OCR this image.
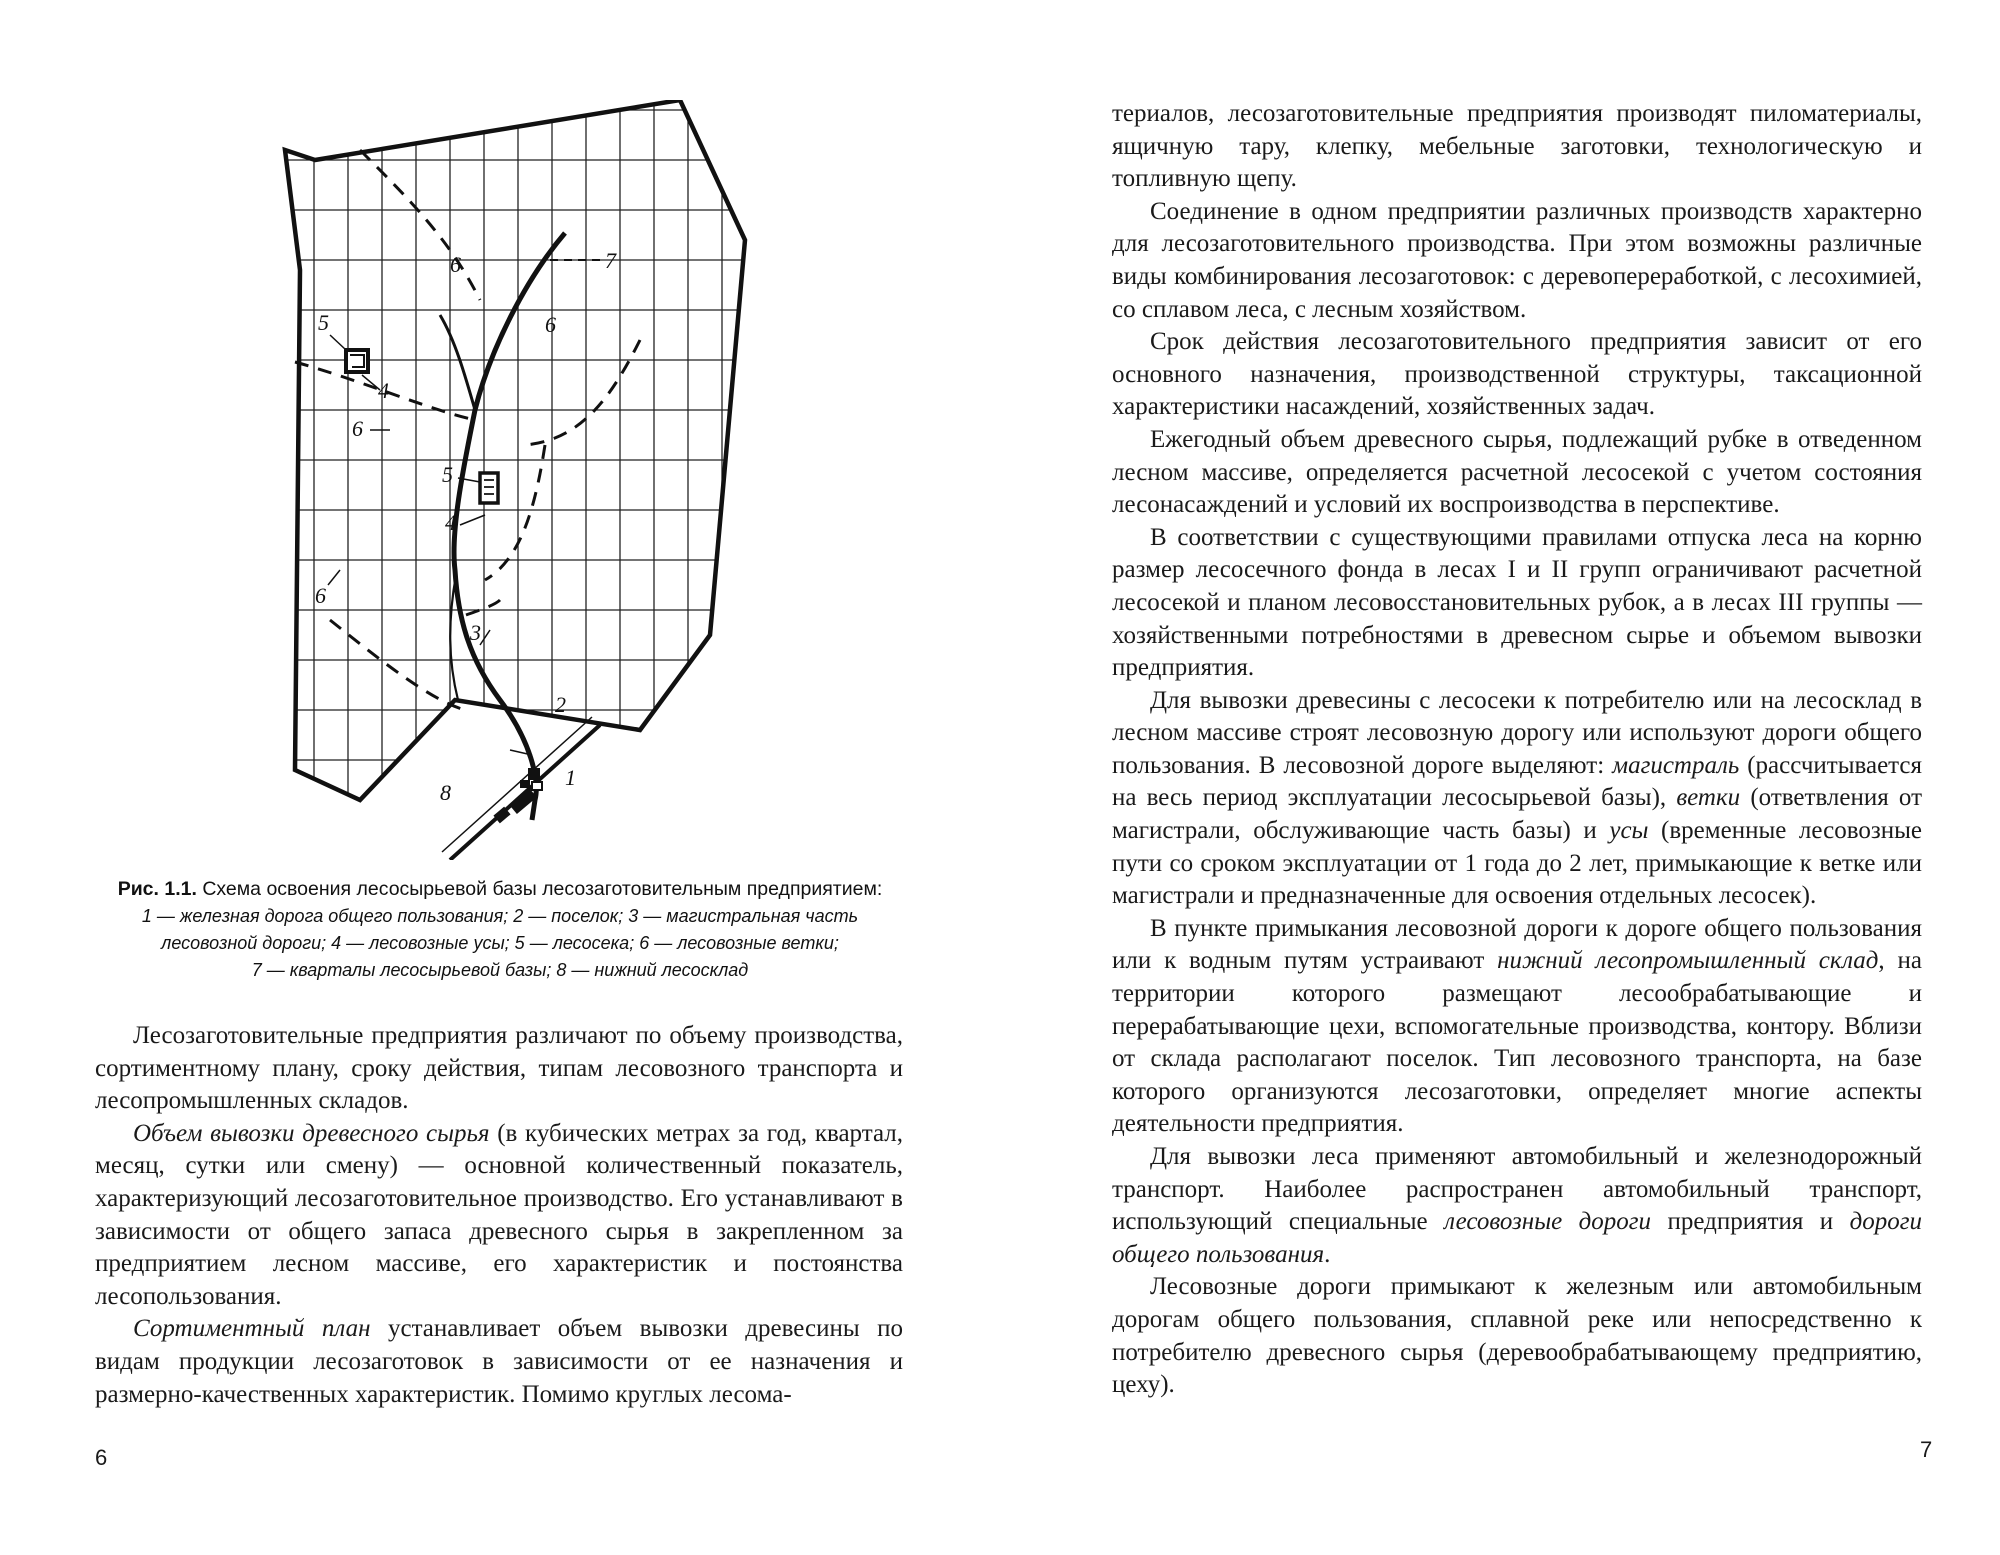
7
6
6
5
4
6
5
4
6
3
2
1
8
Рис. 1.1. Схема освоения лесосырьевой базы лесозаготовительным предприятием:
1 — железная дорога общего пользования; 2 — поселок; 3 — магистральная часть
лесовозной дороги; 4 — лесовозные усы; 5 — лесосека; 6 — лесовозные ветки;
7 — кварталы лесосырьевой базы; 8 — нижний лесосклад

Лесозаготовительные предприятия различают по объему производства, сортиментному плану, сроку действия, типам лесовозного транспорта и лесопромышленных складов.

Объем вывозки древесного сырья (в кубических метрах за год, квартал, месяц, сутки или смену) — основной количественный показатель, характеризующий лесозаготовительное производство. Его устанавливают в зависимости от общего запаса древесного сырья в закрепленном за предприятием лесном массиве, его характеристик и постоянства лесопользования.

Сортиментный план устанавливает объем вывозки древесины по видам продукции лесозаготовок в зависимости от ее назначения и размерно-качественных характеристик. Помимо круглых лесома-

6

териалов, лесозаготовительные предприятия производят пиломатериалы, ящичную тару, клепку, мебельные заготовки, технологическую и топливную щепу.

Соединение в одном предприятии различных производств характерно для лесозаготовительного производства. При этом возможны различные виды комбинирования лесозаготовок: с деревопереработкой, с лесохимией, со сплавом леса, с лесным хозяйством.

Срок действия лесозаготовительного предприятия зависит от его основного назначения, производственной структуры, таксационной характеристики насаждений, хозяйственных задач.

Ежегодный объем древесного сырья, подлежащий рубке в отведенном лесном массиве, определяется расчетной лесосекой с учетом состояния лесонасаждений и условий их воспроизводства в перспективе.

В соответствии с существующими правилами отпуска леса на корню размер лесосечного фонда в лесах I и II групп ограничивают расчетной лесосекой и планом лесовосстановительных рубок, а в лесах III группы —хозяйственными потребностями в древесном сырье и объемом вывозки предприятия.

Для вывозки древесины с лесосеки к потребителю или на лесосклад в лесном массиве строят лесовозную дорогу или используют дороги общего пользования. В лесовозной дороге выделяют: магистраль (рассчитывается на весь период эксплуатации лесосырьевой базы), ветки (ответвления от магистрали, обслуживающие часть базы) и усы (временные лесовозные пути со сроком эксплуатации от 1 года до 2 лет, примыкающие к ветке или магистрали и предназначенные для освоения отдельных лесосек).

В пункте примыкания лесовозной дороги к дороге общего пользования или к водным путям устраивают нижний лесопромышленный склад, на территории которого размещают лесообрабатывающие и перерабатывающие цехи, вспомогательные производства, контору. Вблизи от склада располагают поселок. Тип лесовозного транспорта, на базе которого организуются лесозаготовки, определяет многие аспекты деятельности предприятия.

Для вывозки леса применяют автомобильный и железнодорожный транспорт. Наиболее распространен автомобильный транспорт, использующий специальные лесовозные дороги предприятия и дороги общего пользования.

Лесовозные дороги примыкают к железным или автомобильным дорогам общего пользования, сплавной реке или непосредственно к потребителю древесного сырья (деревообрабатывающему предприятию, цеху).

7
